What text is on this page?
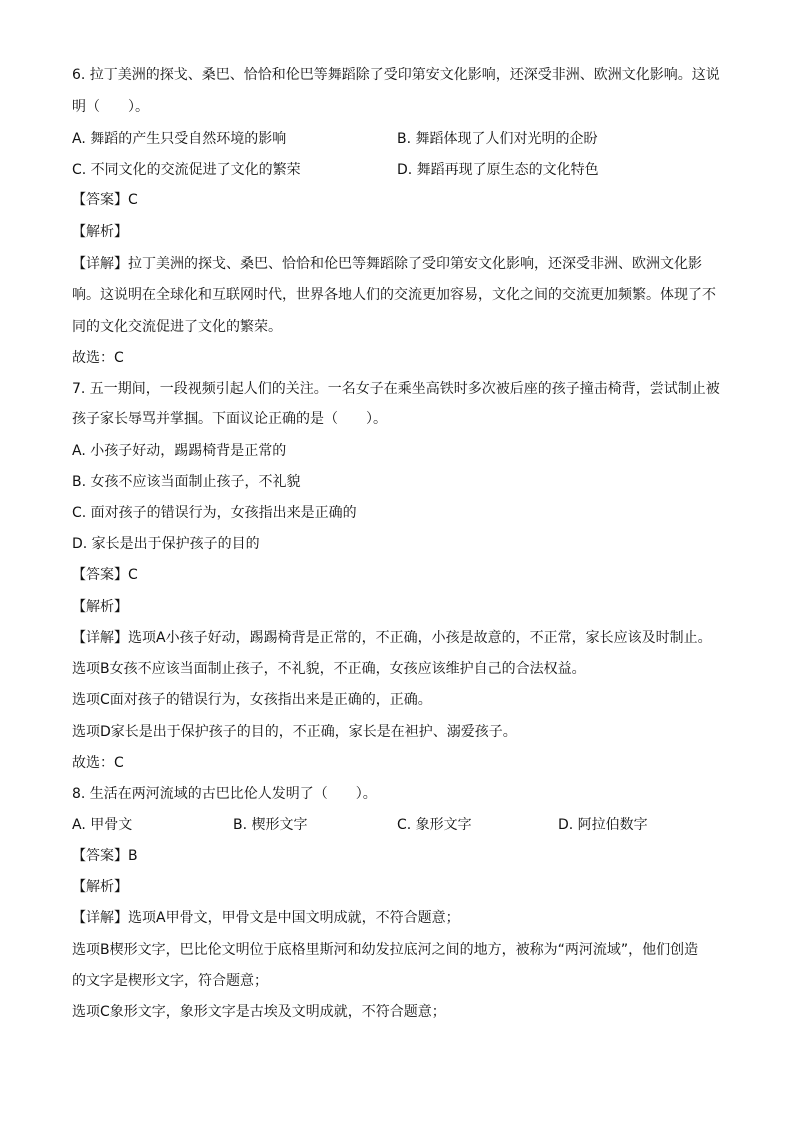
6. 拉丁美洲的探戈、桑巴、恰恰和伦巴等舞蹈除了受印第安文化影响，还深受非洲、欧洲文化影响。这说
明（　　）。
A. 舞蹈的产生只受自然环境的影响	B. 舞蹈体现了人们对光明的企盼
C. 不同文化的交流促进了文化的繁荣	D. 舞蹈再现了原生态的文化特色
【答案】C
【解析】
【详解】拉丁美洲的探戈、桑巴、恰恰和伦巴等舞蹈除了受印第安文化影响，还深受非洲、欧洲文化影
响。这说明在全球化和互联网时代，世界各地人们的交流更加容易，文化之间的交流更加频繁。体现了不
同的文化交流促进了文化的繁荣。
故选：C
7. 五一期间，一段视频引起人们的关注。一名女子在乘坐高铁时多次被后座的孩子撞击椅背，尝试制止被
孩子家长辱骂并掌掴。下面议论正确的是（　　）。
A. 小孩子好动，踢踢椅背是正常的
B. 女孩不应该当面制止孩子，不礼貌
C. 面对孩子的错误行为，女孩指出来是正确的
D. 家长是出于保护孩子的目的
【答案】C
【解析】
【详解】选项A小孩子好动，踢踢椅背是正常的，不正确，小孩是故意的，不正常，家长应该及时制止。
选项B女孩不应该当面制止孩子，不礼貌，不正确，女孩应该维护自己的合法权益。
选项C面对孩子的错误行为，女孩指出来是正确的，正确。
选项D家长是出于保护孩子的目的，不正确，家长是在袒护、溺爱孩子。
故选：C
8. 生活在两河流域的古巴比伦人发明了（　　）。
A. 甲骨文	B. 楔形文字	C. 象形文字	D. 阿拉伯数字
【答案】B
【解析】
【详解】选项A甲骨文，甲骨文是中国文明成就，不符合题意；
选项B楔形文字，巴比伦文明位于底格里斯河和幼发拉底河之间的地方，被称为“两河流域”，他们创造
的文字是楔形文字，符合题意；
选项C象形文字，象形文字是古埃及文明成就，不符合题意；
